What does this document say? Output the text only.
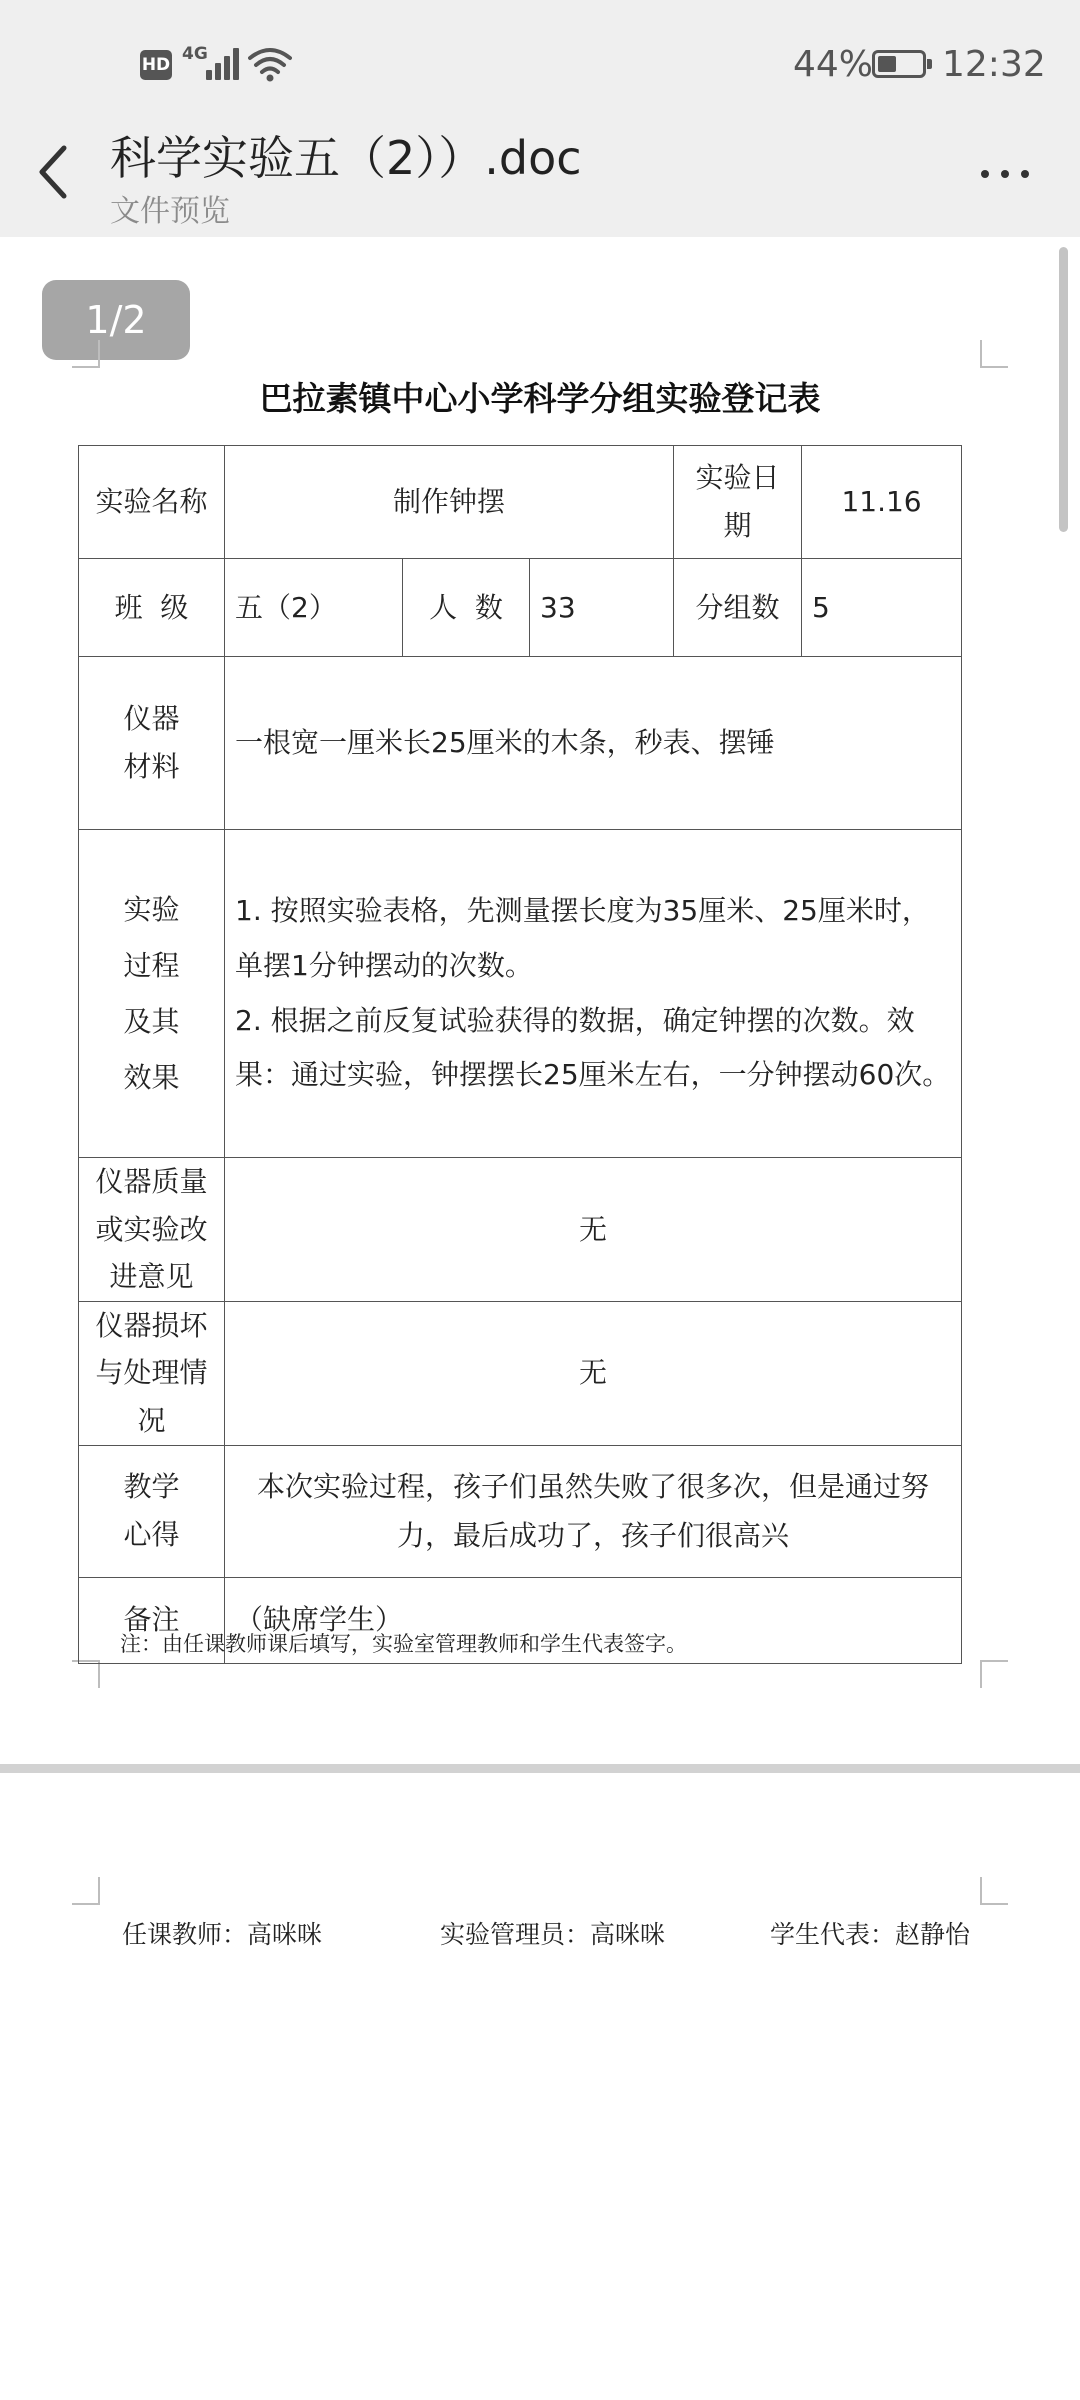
HD
4G	44% 12:32
科学实验五（2））.doc
文件预览
1/2
巴拉素镇中心小学科学分组实验登记表
实验名称	制作钟摆			实验日期	11.16
班  级	五（2）	人  数	33	分组数	5
仪器材料	一根宽一厘米长25厘米的木条，秒表、摆锤				
实验过程及其效果	1. 按照实验表格，先测量摆长度为35厘米、25厘米时，单摆1分钟摆动的次数。
2. 根据之前反复试验获得的数据，确定钟摆的次数。效果：通过实验，钟摆摆长25厘米左右，一分钟摆动60次。				

仪器质量或实验改进意见	无				
仪器损坏与处理情况	无				
教学心得	本次实验过程，孩子们虽然失败了很多次，但是通过努力，最后成功了，孩子们很高兴				
备注	（缺席学生）				
注：由任课教师课后填写，实验室管理教师和学生代表签字。
任课教师：高咪咪	实验管理员：高咪咪	学生代表：赵静怡
